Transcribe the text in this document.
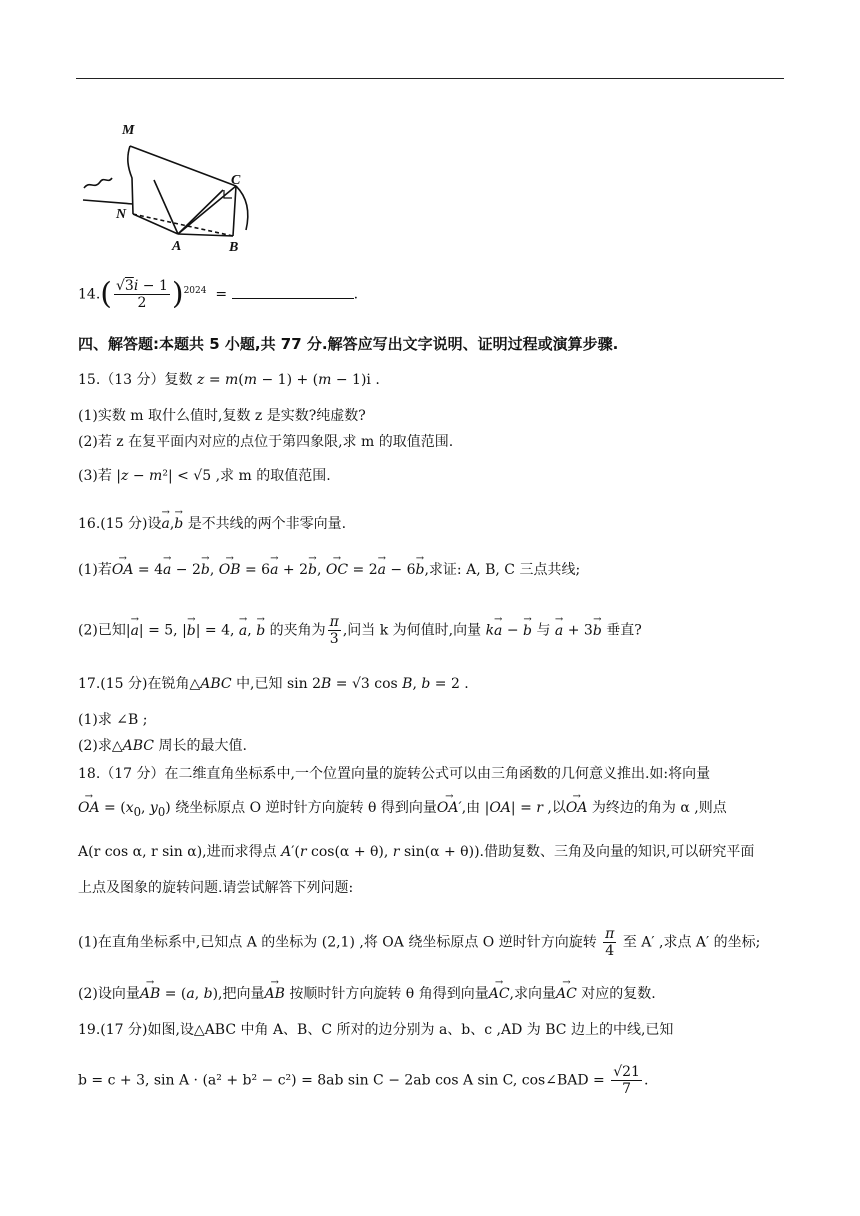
M
C
N
A	B
$14.( \frac{√3i - 1}{2} )^{2024}$  =	.
四、解答题:本题共 5 小题,共 77 分.解答应写出文字说明、证明过程或演算步骤.
15.（13 分）复数 z = m(m − 1) + (m − 1)i .
(1)实数 m 取什么值时,复数 z 是实数?纯虚数?
(2)若 z 在复平面内对应的点位于第四象限,求 m 的取值范围.
(3)若 |z − m²| < √5 ,求 m 的取值范围.
16.(15 分)设→ a,→ b 是不共线的两个非零向量.
(1)若→ OA = 4→ a − 2→ b, → OB = 6→ a + 2→ b, → OC = 2→ a − 6→ b,求证: A, B, C 三点共线;
(2)已知|→ a| = 5, |→ b| = 4, → a, → b 的夹角为 $\frac{\pi}{3}$ ,问当 k 为何值时,向量 k→ a − → b 与 → a + 3→ b 垂直?
17.(15 分)在锐角△ABC 中,已知 sin 2B = √3 cos B, b = 2 .
(1)求 ∠B ;
(2)求△ABC 周长的最大值.
18.（17 分）在二维直角坐标系中,一个位置向量的旋转公式可以由三角函数的几何意义推出.如:将向量
→ OA = ($x_0$, $y_0$) 绕坐标原点 O 逆时针方向旋转 θ 得到向量→ OA′,由 |OA| = r ,以→ OA 为终边的角为 α ,则点
A(r cos α, r sin α),进而求得点 A′(r cos(α + θ), r sin(α + θ)).借助复数、三角及向量的知识,可以研究平面
上点及图象的旋转问题.请尝试解答下列问题:
(1)在直角坐标系中,已知点 A 的坐标为 (2,1) ,将 OA 绕坐标原点 O 逆时针方向旋转 $\frac{\pi}{4}$ 至 A′ ,求点 A′ 的坐标;
(2)设向量→ AB = (a, b),把向量→ AB 按顺时针方向旋转 θ 角得到向量→ AC,求向量→ AC 对应的复数.
19.(17 分)如图,设△ABC 中角 A、B、C 所对的边分别为 a、b、c ,AD 为 BC 边上的中线,已知
b = c + 3, sin A · (a² + b² − c²) = 8ab sin C − 2ab cos A sin C, cos∠BAD = $\frac{√21}{7}$ .
